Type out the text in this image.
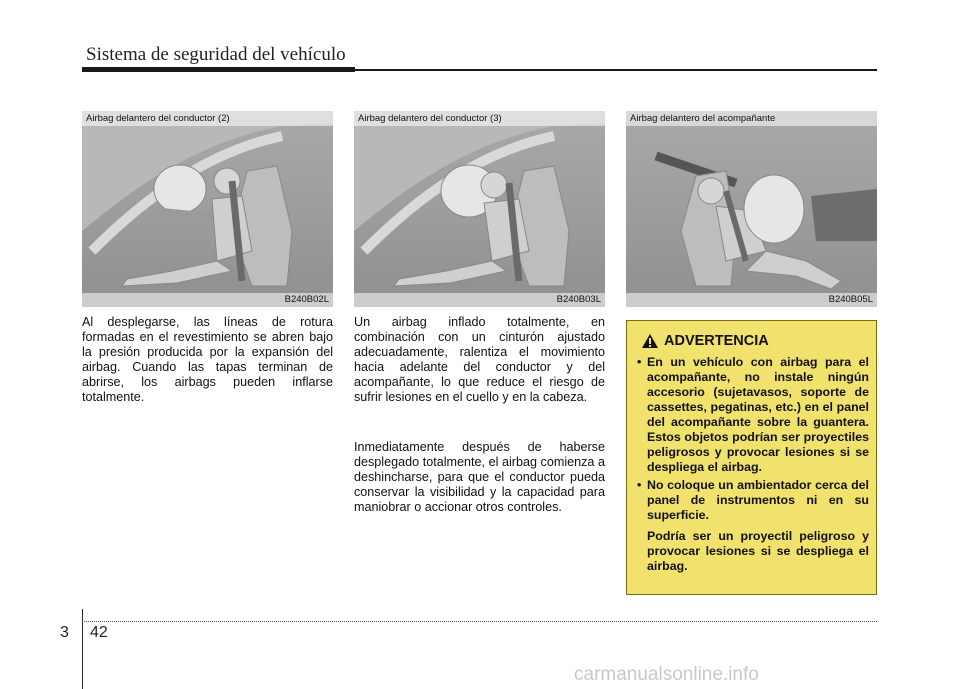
Sistema de seguridad del vehículo
Airbag delantero del conductor (2)
B240B02L
Airbag delantero del conductor (3)
B240B03L
Airbag delantero del acompañante
B240B05L
Al desplegarse, las líneas de rotura formadas en el revestimiento se abren bajo la presión producida por la expansión del airbag. Cuando las tapas terminan de abrirse, los airbags pueden inflarse totalmente.
Un airbag inflado totalmente, en combinación con un cinturón ajustado adecuadamente, ralentiza el movimiento hacia adelante del conductor y del acompañante, lo que reduce el riesgo de sufrir lesiones en el cuello y en la cabeza.
Inmediatamente después de haberse desplegado totalmente, el airbag comienza a deshincharse, para que el conductor pueda conservar la visibilidad y la capacidad para maniobrar o accionar otros controles.
ADVERTENCIA
• En un vehículo con airbag para el acompañante, no instale ningún accesorio (sujetavasos, soporte de cassettes, pegatinas, etc.) en el panel del acompañante sobre la guantera. Estos objetos podrían ser proyectiles peligrosos y provocar lesiones si se despliega el airbag.
• No coloque un ambientador cerca del panel de instrumentos ni en su superficie.

Podría ser un proyectil peligroso y provocar lesiones si se despliega el airbag.

3 42
carmanualsonline.info
